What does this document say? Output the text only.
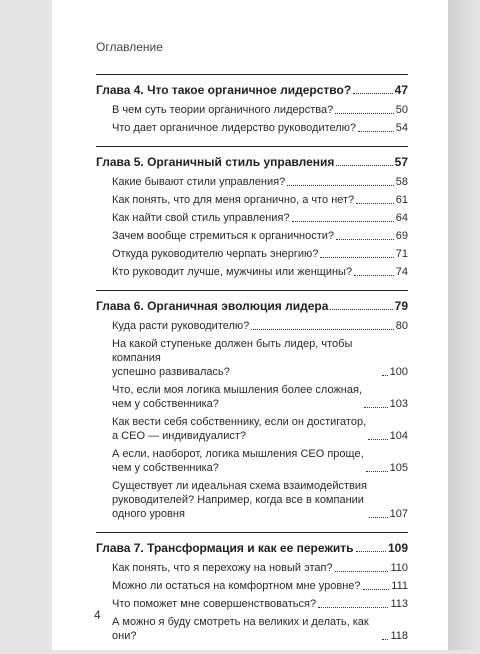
Оглавление
Глава 4. Что такое органичное лидерство?	47
В чем суть теории органичного лидерства?	50
Что дает органичное лидерство руководителю?	54
Глава 5. Органичный стиль управления	57
Какие бывают стили управления?	58
Как понять, что для меня органично, а что нет?	61
Как найти свой стиль управления?	64
Зачем вообще стремиться к органичности?	69
Откуда руководителю черпать энергию?	71
Кто руководит лучше, мужчины или женщины?	74
Глава 6. Органичная эволюция лидера	79
Куда расти руководителю?	80
На какой ступеньке должен быть лидер, чтобы компания
успешно развивалась?	100
Что, если моя логика мышления более сложная,
чем у собственника?	103
Как вести себя собственнику, если он достигатор,
а CEO — индивидуалист?	104
А если, наоборот, логика мышления CEO проще,
чем у собственника?	105
Существует ли идеальная схема взаимодействия
руководителей? Например, когда все в компании
одного уровня	107
Глава 7. Трансформация и как ее пережить	109
Как понять, что я перехожу на новый этап?	110
Можно ли остаться на комфортном мне уровне?	111
Что поможет мне совершенствоваться?	113
А можно я буду смотреть на великих и делать, как они?	118
4
